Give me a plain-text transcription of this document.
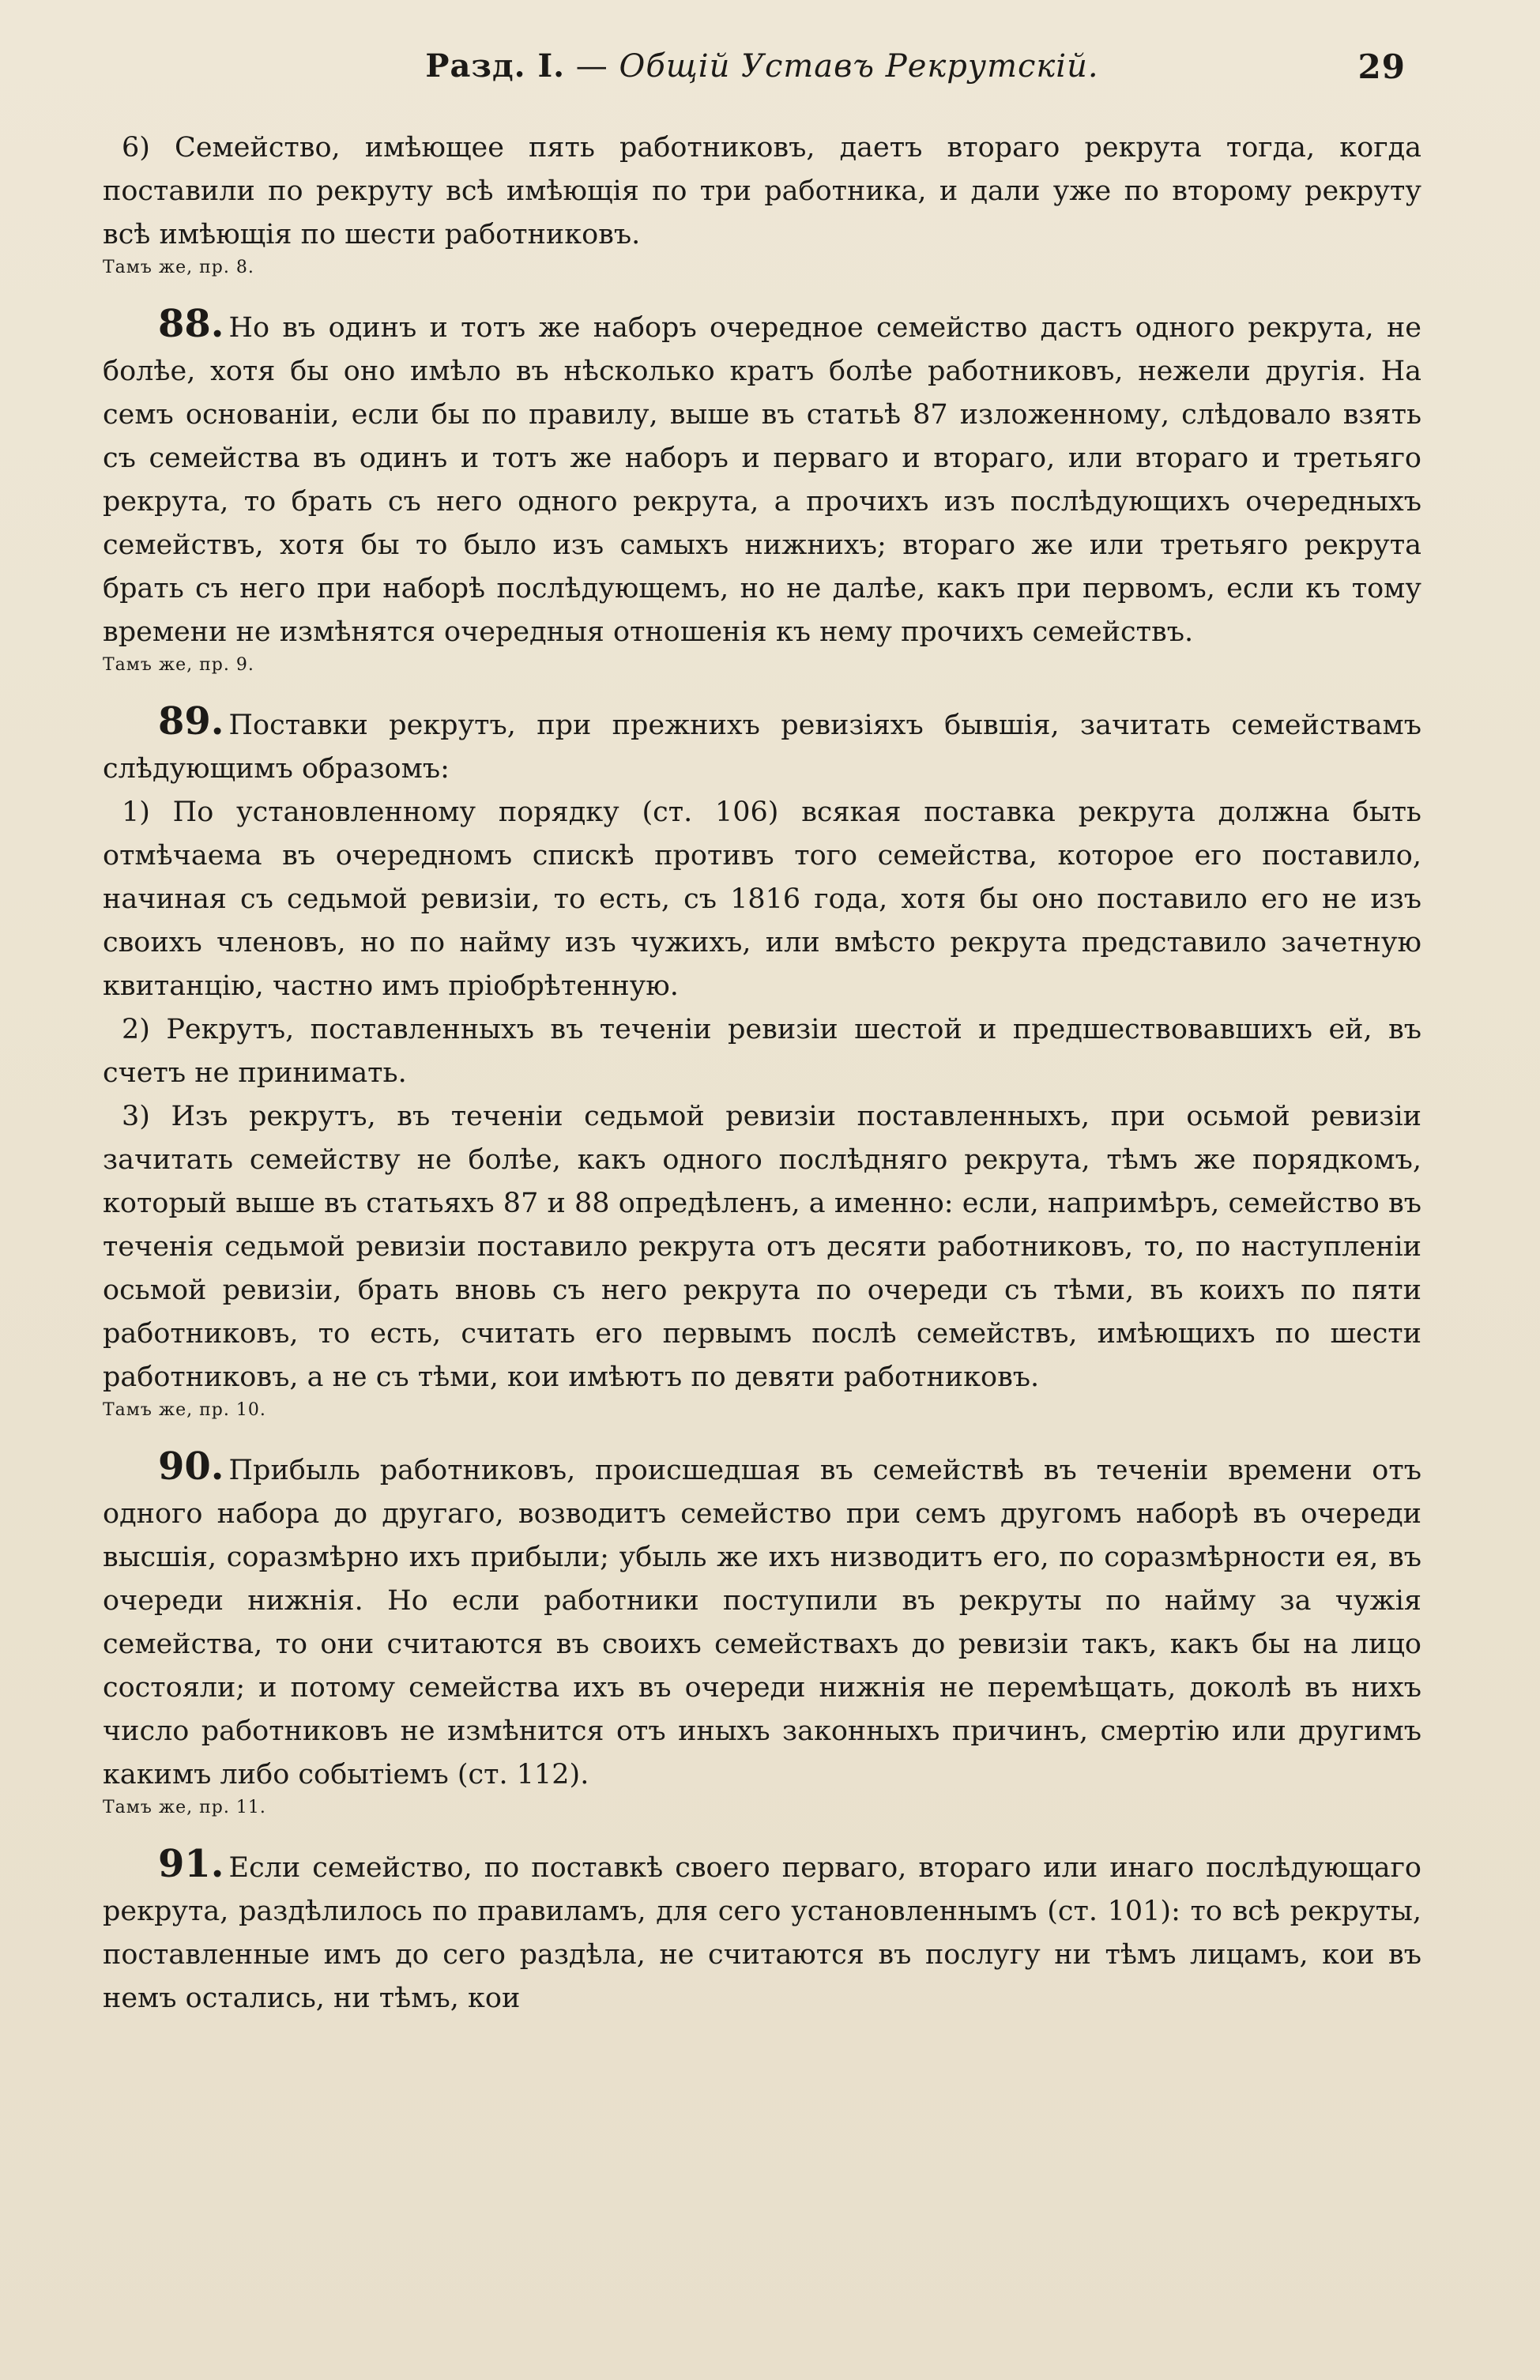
Разд. I. — Общій Уставъ Рекрутскій.	29

6) Семейство, имѣющее пять работниковъ, даетъ втораго рекрута тогда, когда поставили по рекруту всѣ имѣющія по три работника, и дали уже по второму рекруту всѣ имѣющія по шести работниковъ.

Тамъ же, пр. 8.

88. Но въ одинъ и тотъ же наборъ очередное семейство дастъ одного рекрута, не болѣе, хотя бы оно имѣло въ нѣсколько кратъ болѣе работниковъ, нежели другія. На семъ основаніи, если бы по правилу, выше въ статьѣ 87 изложенному, слѣдовало взять съ семейства въ одинъ и тотъ же наборъ и перваго и втораго, или втораго и третьяго рекрута, то брать съ него одного рекрута, а прочихъ изъ послѣдующихъ очередныхъ семействъ, хотя бы то было изъ самыхъ нижнихъ; втораго же или третьяго рекрута брать съ него при наборѣ послѣдующемъ, но не далѣе, какъ при первомъ, если къ тому времени не измѣнятся очередныя отношенія къ нему прочихъ семействъ.

Тамъ же, пр. 9.

89. Поставки рекрутъ, при прежнихъ ревизіяхъ бывшія, зачитать семействамъ слѣдующимъ образомъ:

1) По установленному порядку (ст. 106) всякая поставка рекрута должна быть отмѣчаема въ очередномъ спискѣ противъ того семейства, которое его поставило, начиная съ седьмой ревизіи, то есть, съ 1816 года, хотя бы оно поставило его не изъ своихъ членовъ, но по найму изъ чужихъ, или вмѣсто рекрута представило зачетную квитанцію, частно имъ пріобрѣтенную.

2) Рекрутъ, поставленныхъ въ теченіи ревизіи шестой и предшествовавшихъ ей, въ счетъ не принимать.

3) Изъ рекрутъ, въ теченіи седьмой ревизіи поставленныхъ, при осьмой ревизіи зачитать семейству не болѣе, какъ одного послѣдняго рекрута, тѣмъ же порядкомъ, который выше въ статьяхъ 87 и 88 опредѣленъ, а именно: если, напримѣръ, семейство въ теченія седьмой ревизіи поставило рекрута отъ десяти работниковъ, то, по наступленіи осьмой ревизіи, брать вновь съ него рекрута по очереди съ тѣми, въ коихъ по пяти работниковъ, то есть, считать его первымъ послѣ семействъ, имѣющихъ по шести работниковъ, а не съ тѣми, кои имѣютъ по девяти работниковъ.

Тамъ же, пр. 10.

90. Прибыль работниковъ, происшедшая въ семействѣ въ теченіи времени отъ одного набора до другаго, возводитъ семейство при семъ другомъ наборѣ въ очереди высшія, соразмѣрно ихъ прибыли; убыль же ихъ низводитъ его, по соразмѣрности ея, въ очереди нижнія. Но если работники поступили въ рекруты по найму за чужія семейства, то они считаются въ своихъ семействахъ до ревизіи такъ, какъ бы на лицо состояли; и потому семейства ихъ въ очереди нижнія не перемѣщать, доколѣ въ нихъ число работниковъ не измѣнится отъ иныхъ законныхъ причинъ, смертію или другимъ какимъ либо событіемъ (ст. 112).

Тамъ же, пр. 11.

91. Если семейство, по поставкѣ своего перваго, втораго или инаго послѣдующаго рекрута, раздѣлилось по правиламъ, для сего установленнымъ (ст. 101): то всѣ рекруты, поставленные имъ до сего раздѣла, не считаются въ послугу ни тѣмъ лицамъ, кои въ немъ остались, ни тѣмъ, кои
